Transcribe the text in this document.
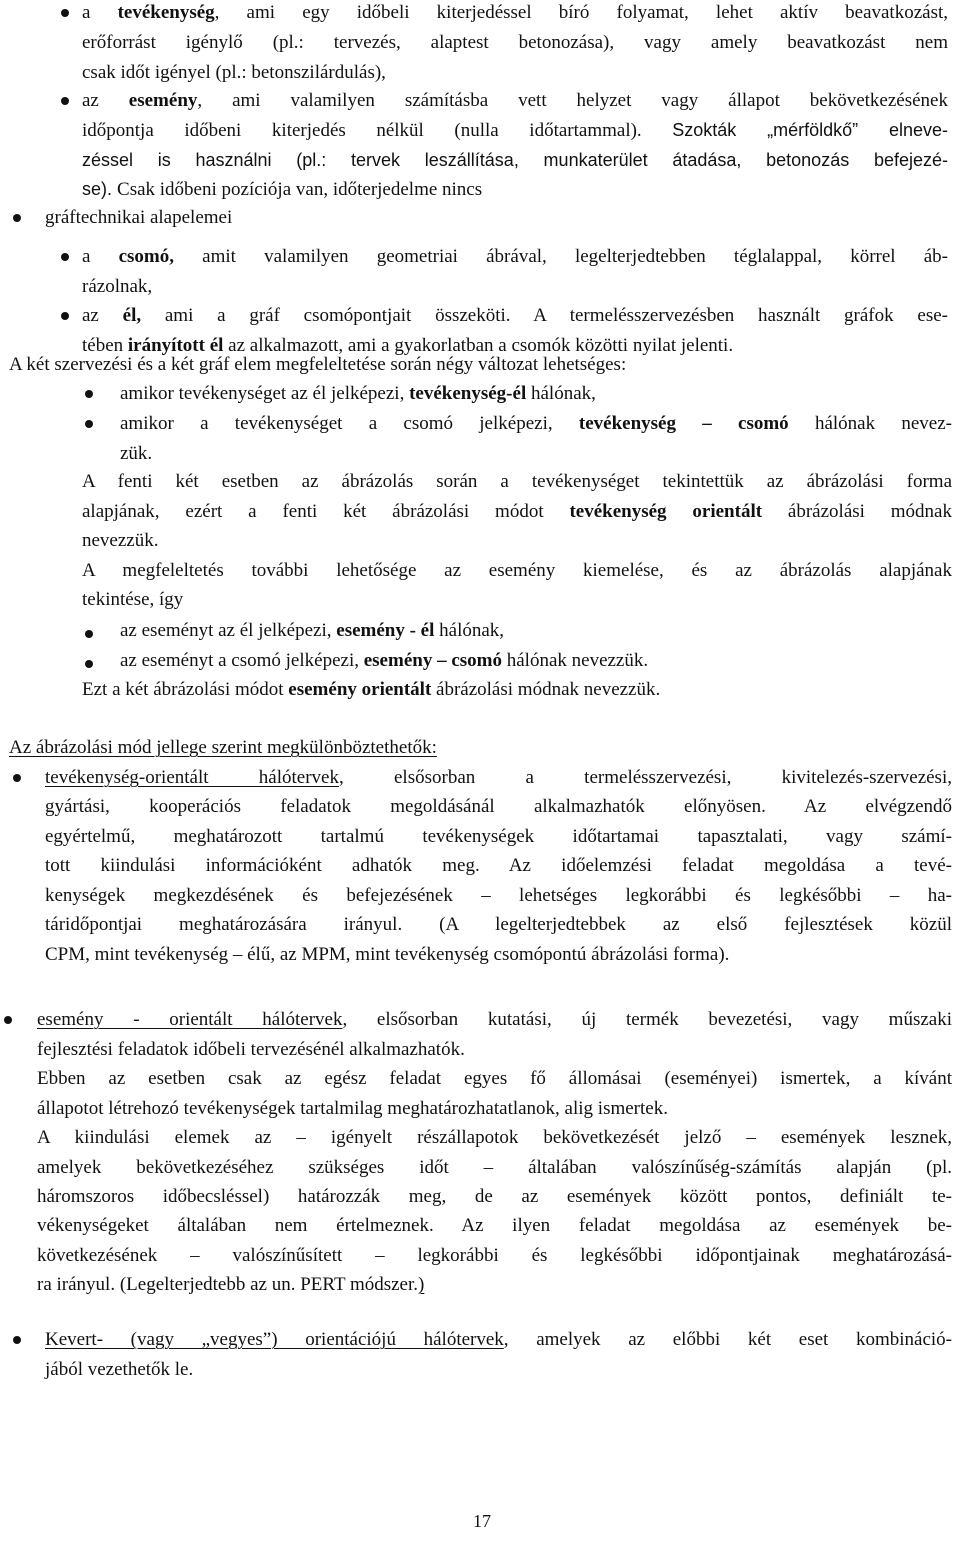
a tevékenység, ami egy időbeli kiterjedéssel bíró folyamat, lehet aktív beavatkozást,
erőforrást igénylő (pl.: tervezés, alaptest betonozása), vagy amely beavatkozást nem
csak időt igényel (pl.: betonszilárdulás),
az esemény, ami valamilyen számításba vett helyzet vagy állapot bekövetkezésének
időpontja időbeni kiterjedés nélkül (nulla időtartammal). Szokták „mérföldkő” elneve-
zéssel is használni (pl.: tervek leszállítása, munkaterület átadása, betonozás befejezé-
se). Csak időbeni pozíciója van, időterjedelme nincs
gráftechnikai alapelemei
a csomó, amit valamilyen geometriai ábrával, legelterjedtebben téglalappal, körrel áb-
rázolnak,
az él, ami a gráf csomópontjait összeköti. A termelésszervezésben használt gráfok ese-
tében irányított él az alkalmazott, ami a gyakorlatban a csomók közötti nyilat jelenti.
A két szervezési és a két gráf elem megfeleltetése során négy változat lehetséges:
amikor tevékenységet az él jelképezi, tevékenység-él hálónak,
amikor a tevékenységet a csomó jelképezi, tevékenység – csomó hálónak nevez-
zük.
A fenti két esetben az ábrázolás során a tevékenységet tekintettük az ábrázolási forma
alapjának, ezért a fenti két ábrázolási módot tevékenység orientált ábrázolási módnak
nevezzük.
A megfeleltetés további lehetősége az esemény kiemelése, és az ábrázolás alapjának
tekintése, így
az eseményt az él jelképezi, esemény - él hálónak,
az eseményt a csomó jelképezi, esemény – csomó hálónak nevezzük.
Ezt a két ábrázolási módot esemény orientált ábrázolási módnak nevezzük.
Az ábrázolási mód jellege szerint megkülönböztethetők:
tevékenység-orientált hálótervek, elsősorban a termelésszervezési, kivitelezés-szervezési,
gyártási, kooperációs feladatok megoldásánál alkalmazhatók előnyösen. Az elvégzendő
egyértelmű, meghatározott tartalmú tevékenységek időtartamai tapasztalati, vagy számí-
tott kiindulási információként adhatók meg. Az időelemzési feladat megoldása a tevé-
kenységek megkezdésének és befejezésének – lehetséges legkorábbi és legkésőbbi – ha-
táridőpontjai meghatározására irányul. (A legelterjedtebbek az első fejlesztések közül
CPM, mint tevékenység – élű, az MPM, mint tevékenység csomópontú ábrázolási forma).
esemény - orientált hálótervek, elsősorban kutatási, új termék bevezetési, vagy műszaki
fejlesztési feladatok időbeli tervezésénél alkalmazhatók.
Ebben az esetben csak az egész feladat egyes fő állomásai (eseményei) ismertek, a kívánt
állapotot létrehozó tevékenységek tartalmilag meghatározhatatlanok, alig ismertek.
A kiindulási elemek az – igényelt részállapotok bekövetkezését jelző – események lesznek,
amelyek bekövetkezéséhez szükséges időt – általában valószínűség-számítás alapján (pl.
háromszoros időbecsléssel) határozzák meg, de az események között pontos, definiált te-
vékenységeket általában nem értelmeznek. Az ilyen feladat megoldása az események be-
következésének – valószínűsített – legkorábbi és legkésőbbi időpontjainak meghatározásá-
ra irányul. (Legelterjedtebb az un. PERT módszer.)
Kevert- (vagy „vegyes”) orientációjú hálótervek, amelyek az előbbi két eset kombináció-
jából vezethetők le.
17
